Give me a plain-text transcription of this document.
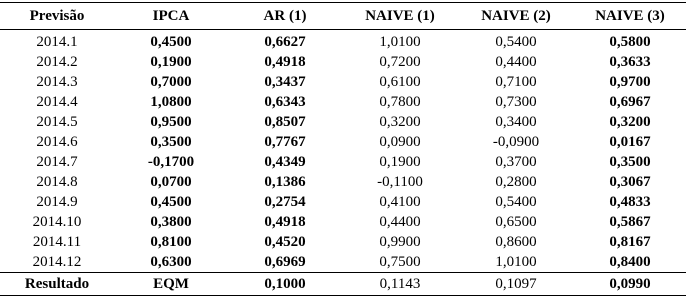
Previsão	IPCA	AR (1)	NAIVE (1)	NAIVE (2)	NAIVE (3)
2014.1	0,4500	0,6627	1,0100	0,5400	0,5800
2014.2	0,1900	0,4918	0,7200	0,4400	0,3633
2014.3	0,7000	0,3437	0,6100	0,7100	0,9700
2014.4	1,0800	0,6343	0,7800	0,7300	0,6967
2014.5	0,9500	0,8507	0,3200	0,3400	0,3200
2014.6	0,3500	0,7767	0,0900	-0,0900	0,0167
2014.7	-0,1700	0,4349	0,1900	0,3700	0,3500
2014.8	0,0700	0,1386	-0,1100	0,2800	0,3067
2014.9	0,4500	0,2754	0,4100	0,5400	0,4833
2014.10	0,3800	0,4918	0,4400	0,6500	0,5867
2014.11	0,8100	0,4520	0,9900	0,8600	0,8167
2014.12	0,6300	0,6969	0,7500	1,0100	0,8400
Resultado	EQM	0,1000	0,1143	0,1097	0,0990
